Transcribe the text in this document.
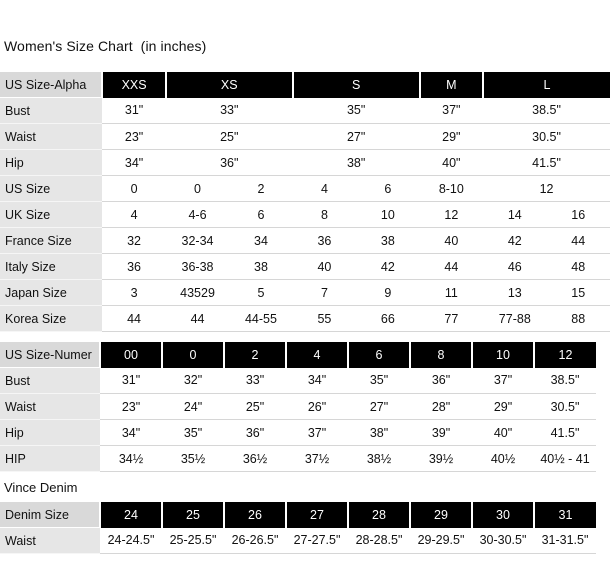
Women's Size Chart  (in inches)
US Size-Alpha	XXS	XS		S		M	L	
Bust	31"	33"		35"		37"	38.5"	
Waist	23"	25"		27"		29"	30.5"	
Hip	34"	36"		38"		40"	41.5"	
US Size	0	0	2	4	6	8-10	12	
UK Size	4	4-6	6	8	10	12	14	16
France Size	32	32-34	34	36	38	40	42	44
Italy Size	36	36-38	38	40	42	44	46	48
Japan Size	3	43529	5	7	9	11	13	15
Korea Size	44	44	44-55	55	66	77	77-88	88
US Size-Numer	00	0	2	4	6	8	10	12
Bust	31"	32"	33"	34"	35"	36"	37"	38.5"
Waist	23"	24"	25"	26"	27"	28"	29"	30.5"
Hip	34"	35"	36"	37"	38"	39"	40"	41.5"
HIP	34½	35½	36½	37½	38½	39½	40½	40½ - 41
Vince Denim
Denim Size	24	25	26	27	28	29	30	31
Waist	24-24.5"	25-25.5"	26-26.5"	27-27.5"	28-28.5"	29-29.5"	30-30.5"	31-31.5"
